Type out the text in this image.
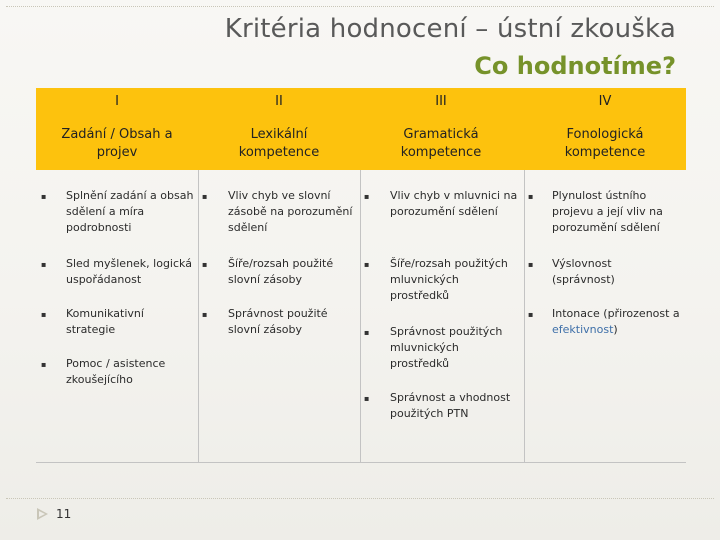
Kritéria hodnocení – ústní zkouška
Co hodnotíme?
I
Zadání / Obsah a projev
II
Lexikální kompetence
III
Gramatická kompetence
IV
Fonologická kompetence
▪ Splnění zadání a obsah sdělení a míra podrobnosti
▪ Sled myšlenek, logická uspořádanost
▪ Komunikativní strategie
▪ Pomoc / asistence zkoušejícího
▪ Vliv chyb ve slovní zásobě na porozumění sdělení
▪ Šíře/rozsah použité slovní zásoby
▪ Správnost použité slovní zásoby
▪ Vliv chyb v mluvnici na porozumění sdělení
▪ Šíře/rozsah použitých mluvnických prostředků
▪ Správnost použitých mluvnických prostředků
▪ Správnost a vhodnost použitých PTN
▪ Plynulost ústního projevu a její vliv na porozumění sdělení
▪ Výslovnost (správnost)
▪ Intonace (přirozenost a efektivnost)
11
